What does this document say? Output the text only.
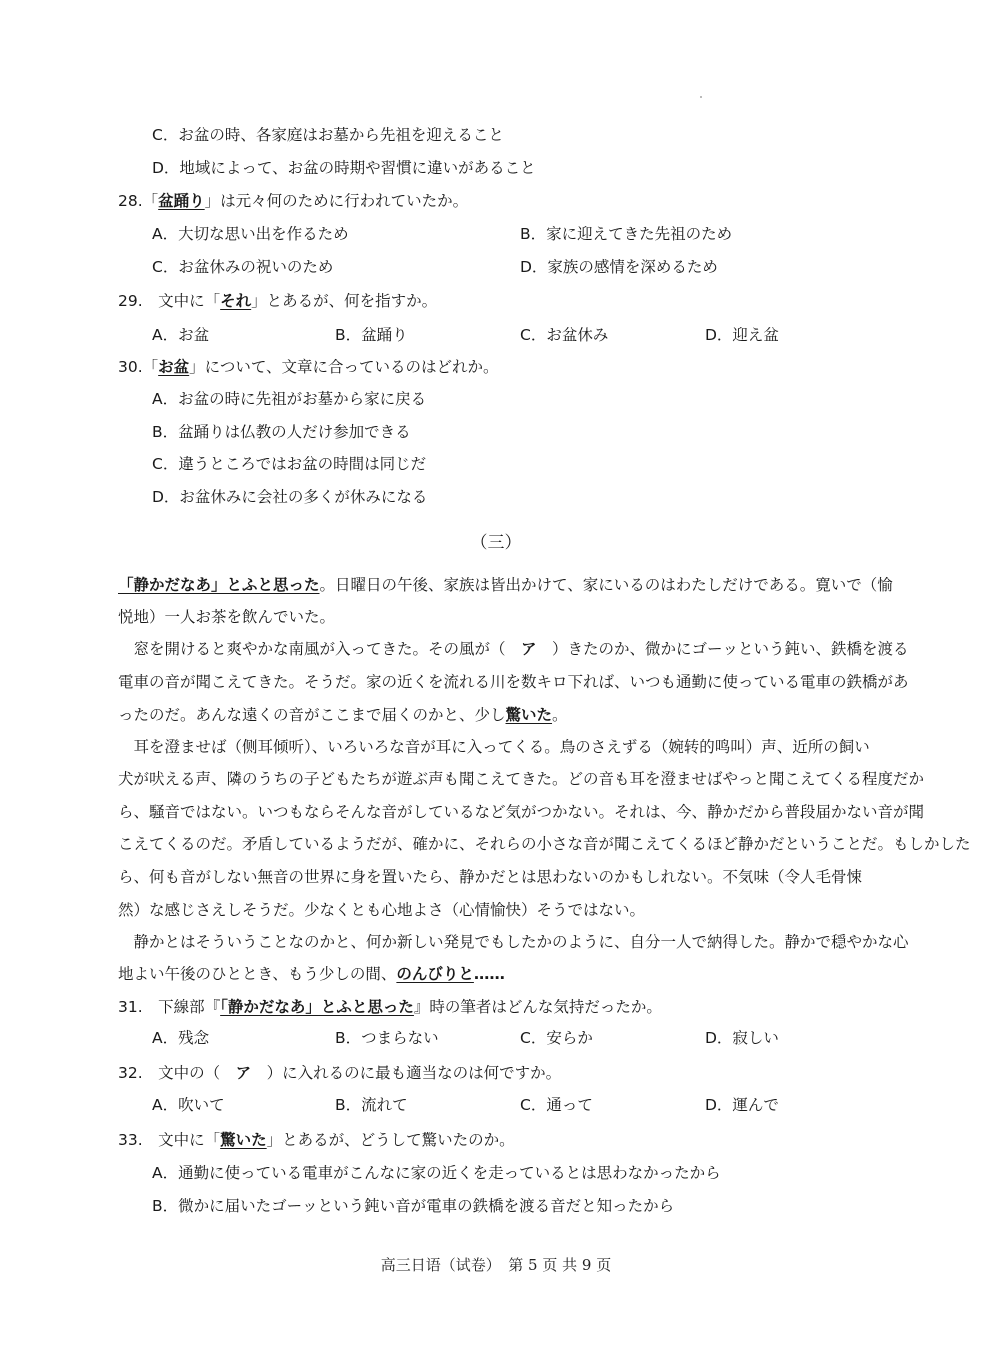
C．お盆の時、各家庭はお墓から先祖を迎えること
D．地域によって、お盆の時期や習慣に違いがあること
28.「盆踊り」は元々何のために行われていたか。
A．大切な思い出を作るため	B．家に迎えてきた先祖のため
C．お盆休みの祝いのため	D．家族の感情を深めるため
29.　文中に「それ」とあるが、何を指すか。
A．お盆	B．盆踊り	C．お盆休み	D．迎え盆
30.「お盆」について、文章に合っているのはどれか。
A．お盆の時に先祖がお墓から家に戻る
B．盆踊りは仏教の人だけ参加できる
C．違うところではお盆の時間は同じだ
D．お盆休みに会社の多くが休みになる
（三）
「静かだなあ」とふと思った。日曜日の午後、家族は皆出かけて、家にいるのはわたしだけである。寛いで（愉
悦地）一人お茶を飲んでいた。
　窓を開けると爽やかな南風が入ってきた。その風が（　ア　）きたのか、微かにゴーッという鈍い、鉄橋を渡る
電車の音が聞こえてきた。そうだ。家の近くを流れる川を数キロ下れば、いつも通勤に使っている電車の鉄橋があ
ったのだ。あんな遠くの音がここまで届くのかと、少し驚いた。
　耳を澄ませば（侧耳倾听）、いろいろな音が耳に入ってくる。鳥のさえずる（婉转的鸣叫）声、近所の飼い
犬が吠える声、隣のうちの子どもたちが遊ぶ声も聞こえてきた。どの音も耳を澄ませばやっと聞こえてくる程度だか
ら、騒音ではない。いつもならそんな音がしているなど気がつかない。それは、今、静かだから普段届かない音が聞
こえてくるのだ。矛盾しているようだが、確かに、それらの小さな音が聞こえてくるほど静かだということだ。もしかした
ら、何も音がしない無音の世界に身を置いたら、静かだとは思わないのかもしれない。不気味（令人毛骨悚
然）な感じさえしそうだ。少なくとも心地よさ（心情愉快）そうではない。
　静かとはそういうことなのかと、何か新しい発見でもしたかのように、自分一人で納得した。静かで穏やかな心
地よい午後のひととき、もう少しの間、のんびりと……
31.　下線部『「静かだなあ」とふと思った』時の筆者はどんな気持だったか。
A．残念	B．つまらない	C．安らか	D．寂しい
32.　文中の（　ア　）に入れるのに最も適当なのは何ですか。
A．吹いて	B．流れて	C．通って	D．運んで
33.　文中に「驚いた」とあるが、どうして驚いたのか。
A．通勤に使っている電車がこんなに家の近くを走っているとは思わなかったから
B．微かに届いたゴーッという鈍い音が電車の鉄橋を渡る音だと知ったから
高三日语（试卷）　第 5 页 共 9 页
